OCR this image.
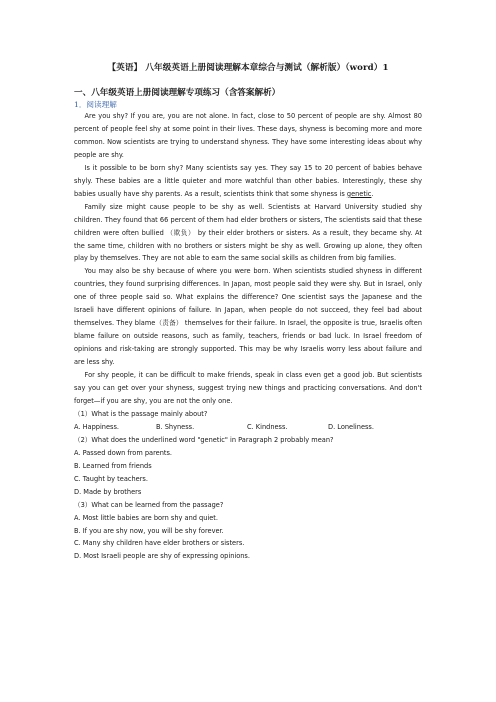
【英语】 八年级英语上册阅读理解本章综合与测试（解析版）（word）1
一、八年级英语上册阅读理解专项练习（含答案解析）
1．阅读理解

Are you shy? If you are, you are not alone. In fact, close to 50 percent of people are shy. Almost 80 percent of people feel shy at some point in their lives. These days, shyness is becoming more and more common. Now scientists are trying to understand shyness. They have some interesting ideas about why people are shy.

Is it possible to be born shy? Many scientists say yes. They say 15 to 20 percent of babies behave shyly. These babies are a little quieter and more watchful than other babies. Interestingly, these shy babies usually have shy parents. As a result, scientists think that some shyness is genetic.

Family size might cause people to be shy as well. Scientists at Harvard University studied shy children. They found that 66 percent of them had elder brothers or sisters, The scientists said that these children were often bullied （欺负） by their elder brothers or sisters. As a result, they became shy. At the same time, children with no brothers or sisters might be shy as well. Growing up alone, they often play by themselves. They are not able to earn the same social skills as children from big families.

You may also be shy because of where you were born. When scientists studied shyness in different countries, they found surprising differences. In Japan, most people said they were shy. But in Israel, only one of three people said so. What explains the difference? One scientist says the Japanese and the Israeli have different opinions of failure. In Japan, when people do not succeed, they feel bad about themselves. They blame（责备） themselves for their failure. In Israel, the opposite is true, Israelis often blame failure on outside reasons, such as family, teachers, friends or bad luck. In Israel freedom of opinions and risk-taking are strongly supported. This may be why Israelis worry less about failure and are less shy.

For shy people, it can be difficult to make friends, speak in class even get a good job. But scientists say you can get over your shyness, suggest trying new things and practicing conversations. And don't forget—if you are shy, you are not the only one.

（1）What is the passage mainly about?
A. Happiness.	B. Shyness.	C. Kindness.	D. Loneliness.
（2）What does the underlined word "genetic" in Paragraph 2 probably mean?
A. Passed down from parents.
B. Learned from friends
C. Taught by teachers.
D. Made by brothers
（3）What can be learned from the passage?
A. Most little babies are born shy and quiet.
B. If you are shy now, you will be shy forever.
C. Many shy children have elder brothers or sisters.
D. Most Israeli people are shy of expressing opinions.
